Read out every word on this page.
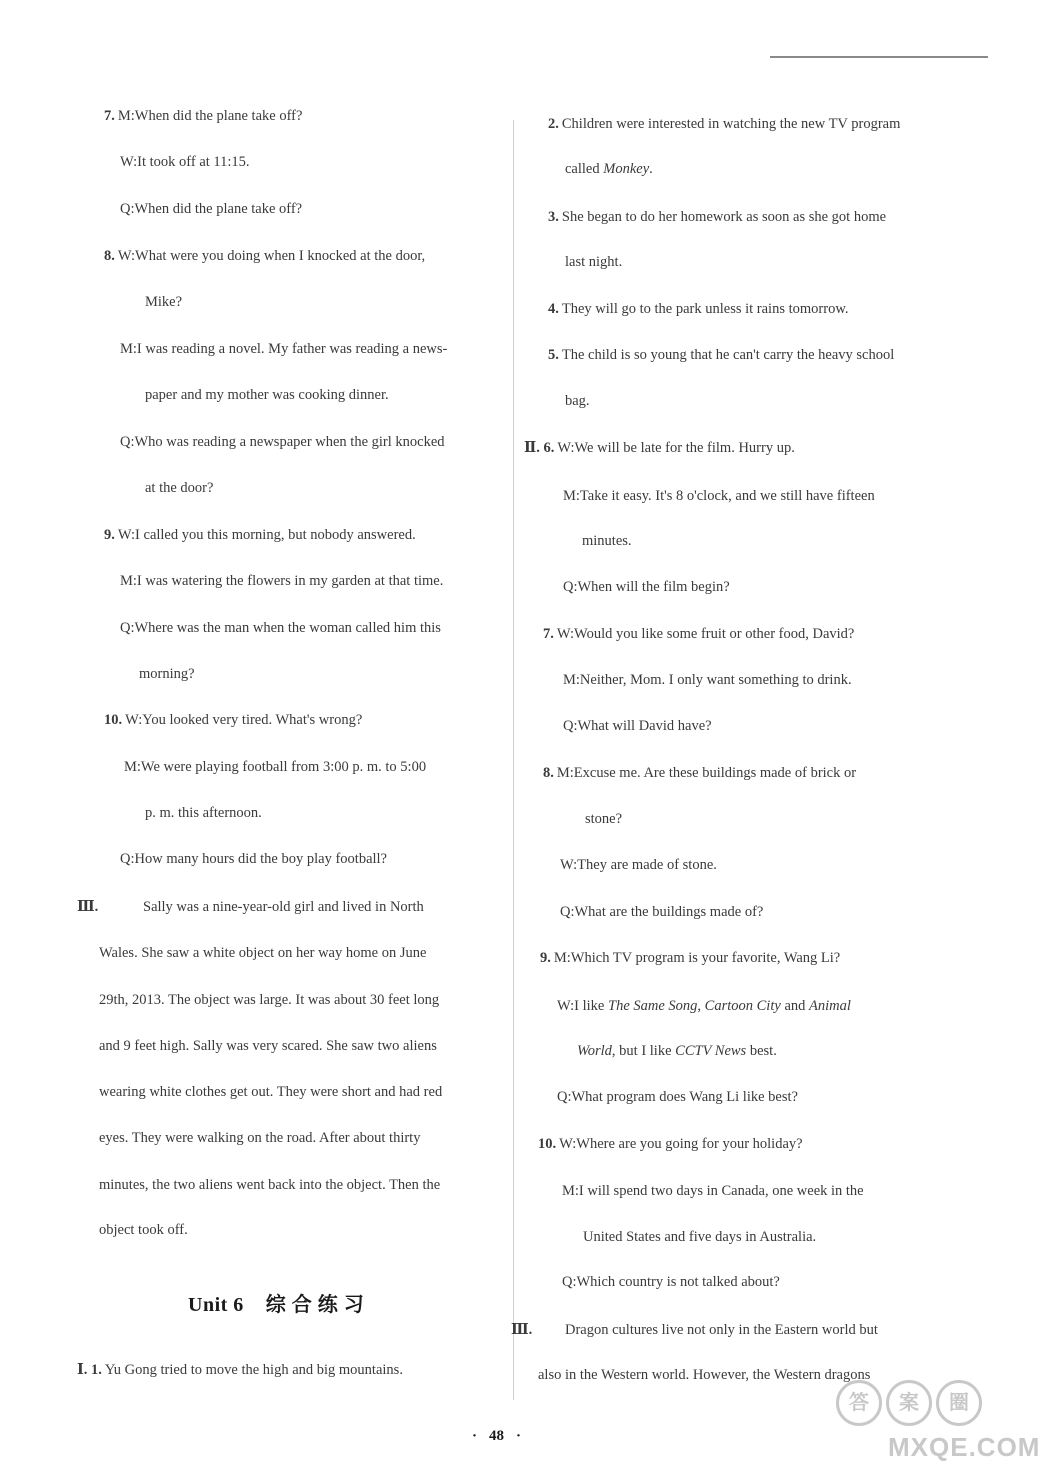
7. M:When did the plane take off?
W:It took off at 11:15.
Q:When did the plane take off?
8. W:What were you doing when I knocked at the door,
Mike?
M:I was reading a novel. My father was reading a news-
paper and my mother was cooking dinner.
Q:Who was reading a newspaper when the girl knocked
at the door?
9. W:I called you this morning, but nobody answered.
M:I was watering the flowers in my garden at that time.
Q:Where was the man when the woman called him this
morning?
10. W:You looked very tired. What's wrong?
M:We were playing football from 3:00 p. m. to 5:00
p. m. this afternoon.
Q:How many hours did the boy play football?
Ⅲ.	Sally was a nine-year-old girl and lived in North
Wales. She saw a white object on her way home on June
29th, 2013. The object was large. It was about 30 feet long
and 9 feet high. Sally was very scared. She saw two aliens
wearing white clothes get out. They were short and had red
eyes. They were walking on the road. After about thirty
minutes, the two aliens went back into the object. Then the
object took off.
Unit 6 综合练习
Ⅰ. 1. Yu Gong tried to move the high and big mountains.
2. Children were interested in watching the new TV program
called Monkey.
3. She began to do her homework as soon as she got home
last night.
4. They will go to the park unless it rains tomorrow.
5. The child is so young that he can't carry the heavy school
bag.
Ⅱ. 6. W:We will be late for the film. Hurry up.
M:Take it easy. It's 8 o'clock, and we still have fifteen
minutes.
Q:When will the film begin?
7. W:Would you like some fruit or other food, David?
M:Neither, Mom. I only want something to drink.
Q:What will David have?
8. M:Excuse me. Are these buildings made of brick or
stone?
W:They are made of stone.
Q:What are the buildings made of?
9. M:Which TV program is your favorite, Wang Li?
W:I like The Same Song, Cartoon City and Animal
World, but I like CCTV News best.
Q:What program does Wang Li like best?
10. W:Where are you going for your holiday?
M:I will spend two days in Canada, one week in the
United States and five days in Australia.
Q:Which country is not talked about?
Ⅲ. Dragon cultures live not only in the Eastern world but
also in the Western world. However, the Western dragons
· 48 ·
答	案	圈
MXQE.COM
